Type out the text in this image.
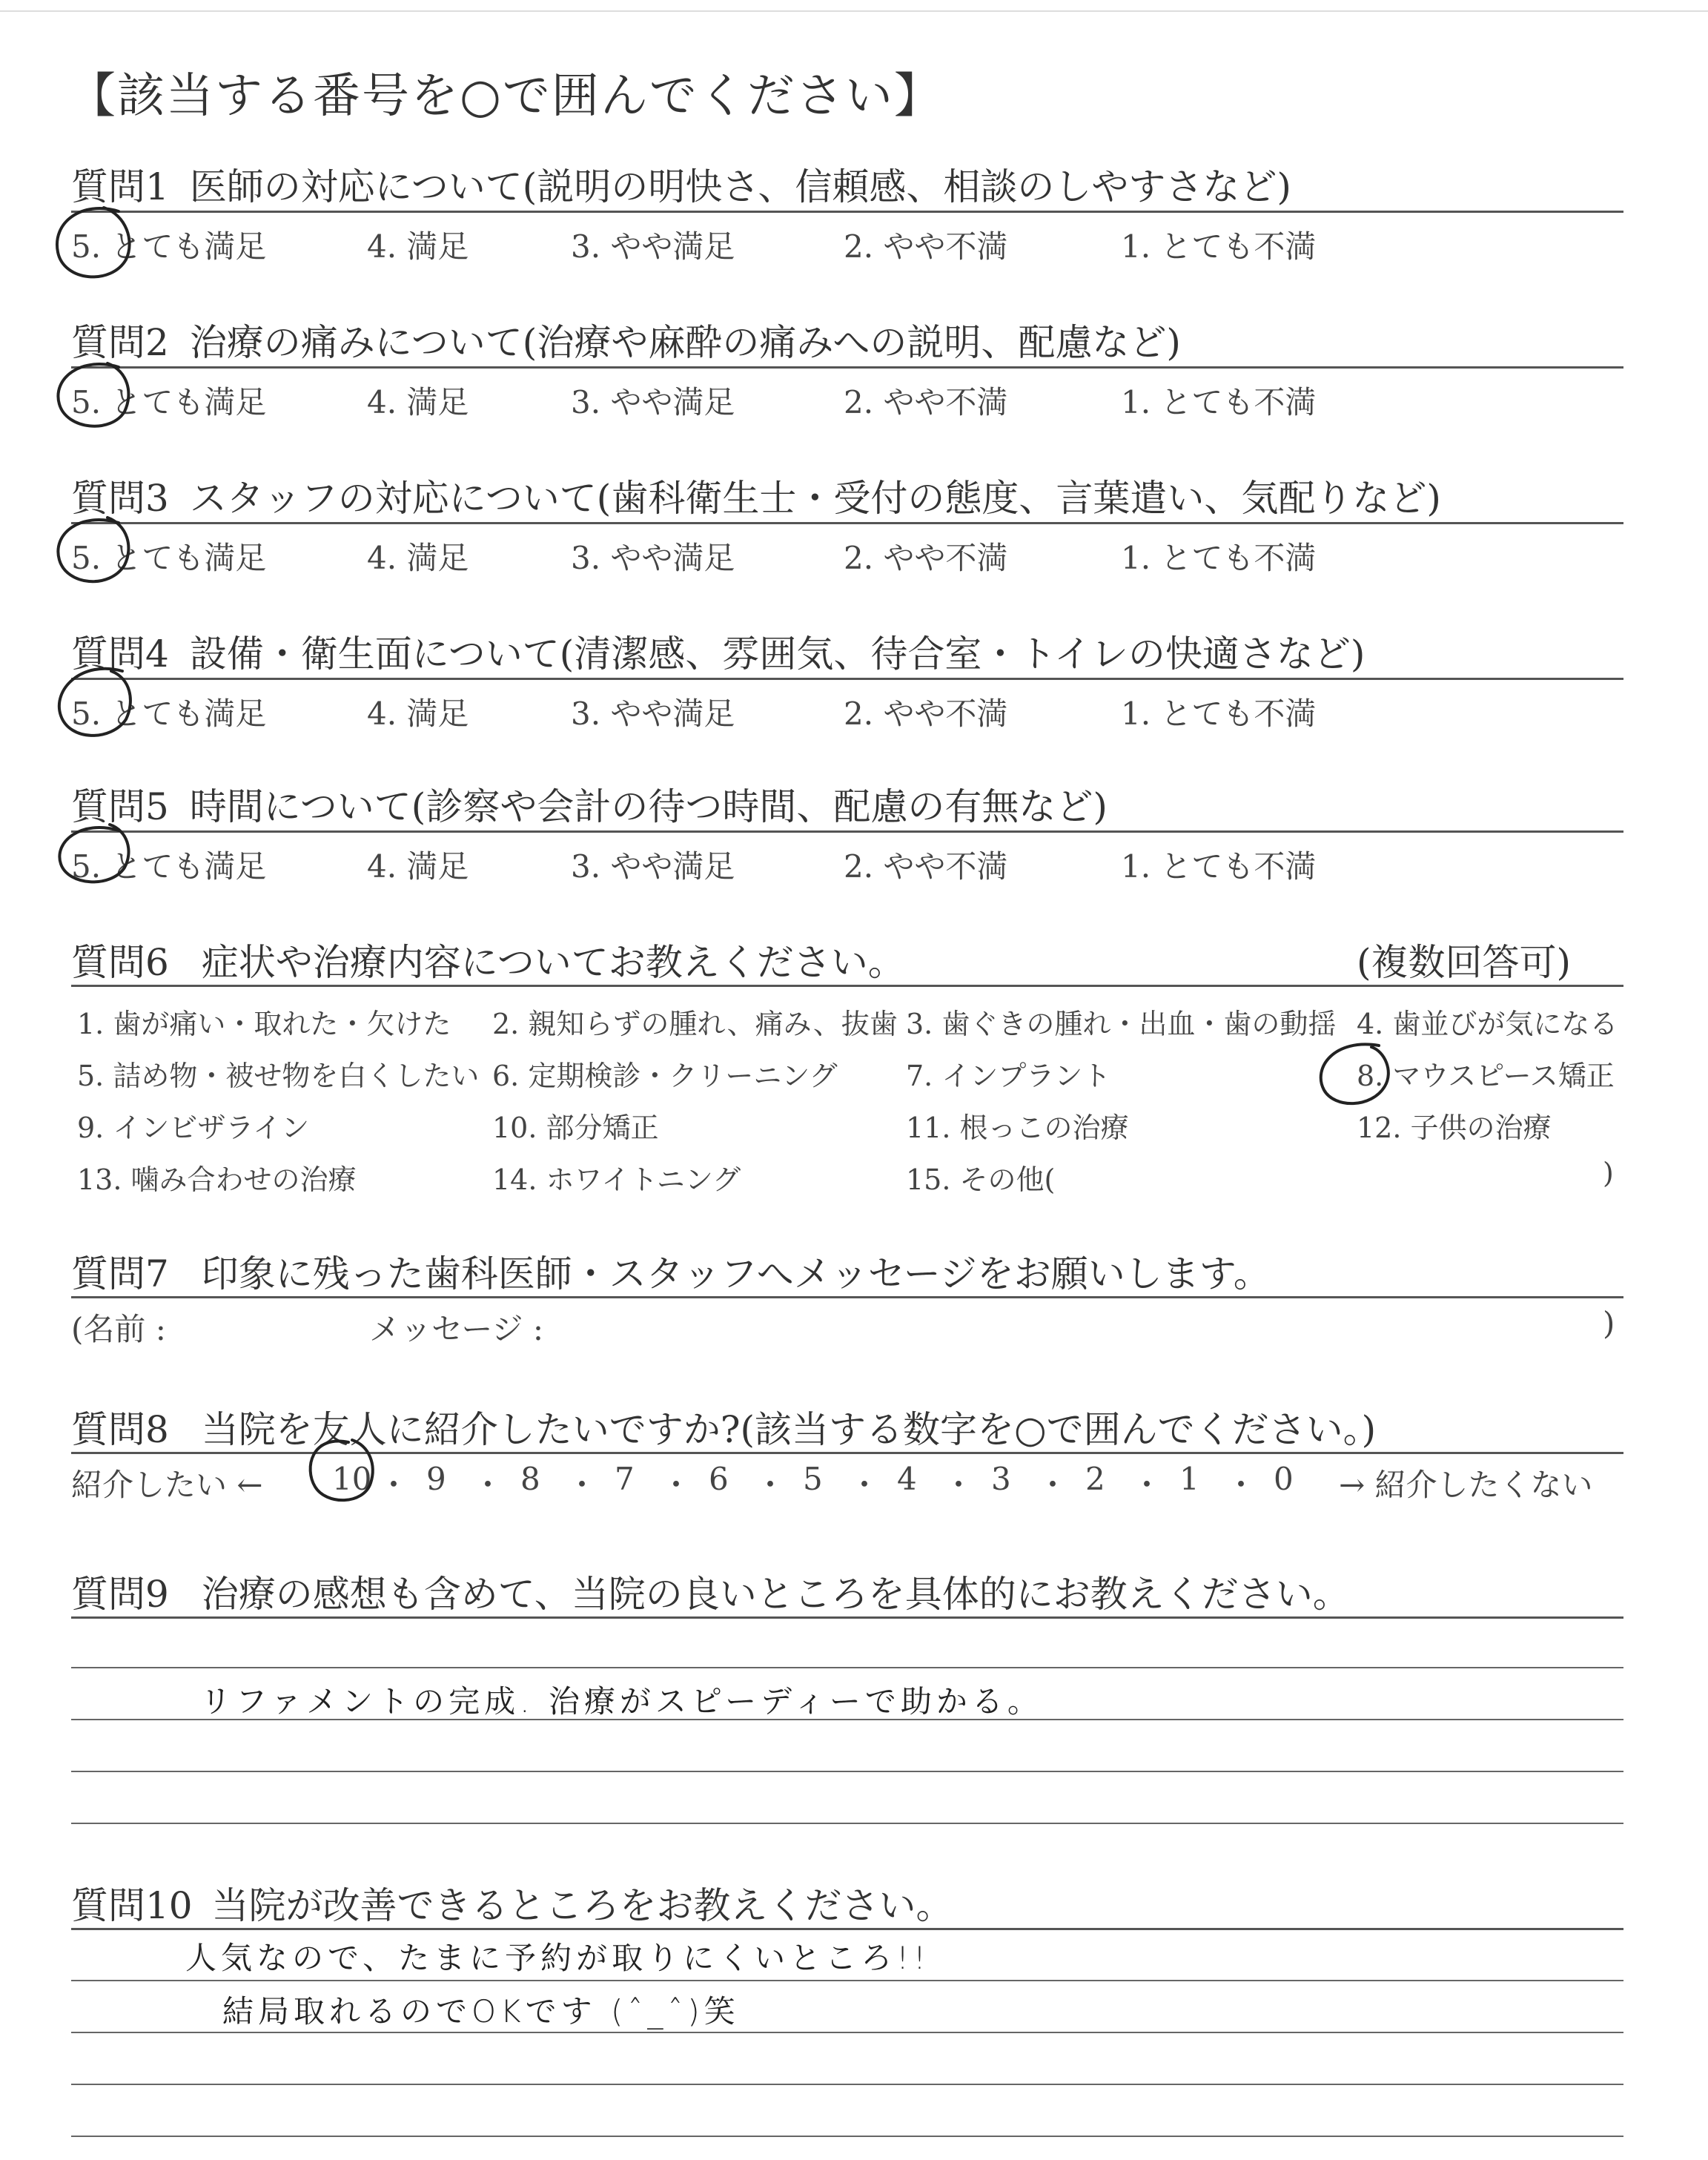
【該当する番号を○で囲んでください】
質問1 医師の対応について(説明の明快さ、信頼感、相談のしやすさなど)
5. とても満足	4. 満足	3. やや満足	2. やや不満	1. とても不満
質問2 治療の痛みについて(治療や麻酔の痛みへの説明、配慮など)
5. とても満足	4. 満足	3. やや満足	2. やや不満	1. とても不満
質問3 スタッフの対応について(歯科衛生士・受付の態度、言葉遣い、気配りなど)
5. とても満足	4. 満足	3. やや満足	2. やや不満	1. とても不満
質問4 設備・衛生面について(清潔感、雰囲気、待合室・トイレの快適さなど)
5. とても満足	4. 満足	3. やや満足	2. やや不満	1. とても不満
質問5 時間について(診察や会計の待つ時間、配慮の有無など)
5. とても満足	4. 満足	3. やや満足	2. やや不満	1. とても不満
質問6 症状や治療内容についてお教えください。	(複数回答可)
1. 歯が痛い・取れた・欠けた 2. 親知らずの腫れ、痛み、抜歯 3. 歯ぐきの腫れ・出血・歯の動揺 4. 歯並びが気になる
5. 詰め物・被せ物を白くしたい 6. 定期検診・クリーニング 7. インプラント	8. マウスピース矯正
9. インビザライン	10. 部分矯正	11. 根っこの治療	12. 子供の治療
13. 噛み合わせの治療	14. ホワイトニング	15. その他(	)
質問7 印象に残った歯科医師・スタッフへメッセージをお願いします。
(名前 :	メッセージ :	)
質問8 当院を友人に紹介したいですか?(該当する数字を○で囲んでください。)
紹介したい ← 10 ・ 9 ・ 8 ・ 7 ・ 6 ・ 5 ・ 4 ・ 3 ・ 2 ・ 1 ・ 0 → 紹介したくない
質問9 治療の感想も含めて、当院の良いところを具体的にお教えください。
リファメントの完成. 治療がスピーディーで助かる。
質問10 当院が改善できるところをお教えください。
人気なので、たまに予約が取りにくいところ!!
結局取れるのでOKです (ˆ_ˆ)笑
